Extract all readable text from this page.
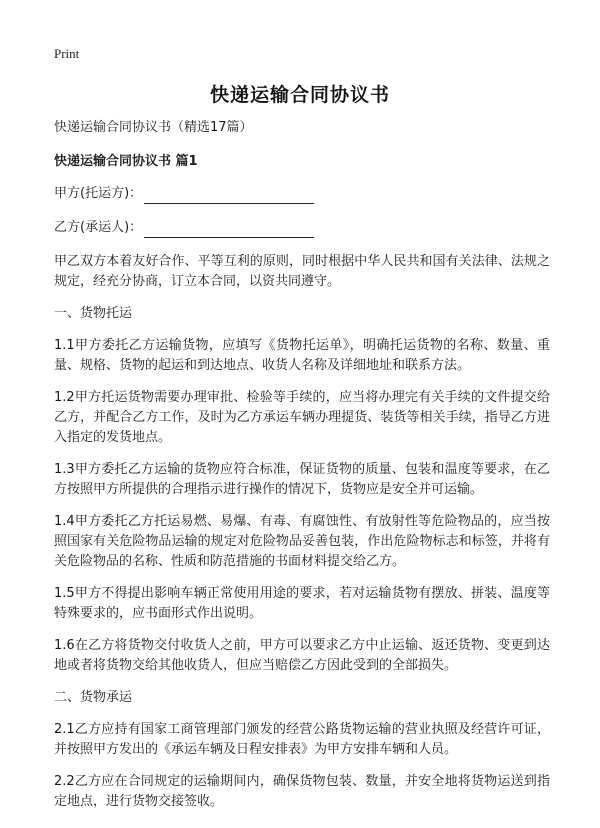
Print
快递运输合同协议书
快递运输合同协议书（精选17篇）
快递运输合同协议书 篇1
甲方(托运方)：
乙方(承运人)：
甲乙双方本着友好合作、平等互利的原则，同时根据中华人民共和国有关法律、法规之规定，经充分协商，订立本合同，以资共同遵守。
一、货物托运
1.1甲方委托乙方运输货物，应填写《货物托运单》，明确托运货物的名称、数量、重量、规格、货物的起运和到达地点、收货人名称及详细地址和联系方法。
1.2甲方托运货物需要办理审批、检验等手续的，应当将办理完有关手续的文件提交给乙方，并配合乙方工作，及时为乙方承运车辆办理提货、装货等相关手续，指导乙方进入指定的发货地点。
1.3甲方委托乙方运输的货物应符合标准，保证货物的质量、包装和温度等要求，在乙方按照甲方所提供的合理指示进行操作的情况下，货物应是安全并可运输。
1.4甲方委托乙方托运易燃、易爆、有毒、有腐蚀性、有放射性等危险物品的，应当按照国家有关危险物品运输的规定对危险物品妥善包装，作出危险物标志和标签，并将有关危险物品的名称、性质和防范措施的书面材料提交给乙方。
1.5甲方不得提出影响车辆正常使用用途的要求，若对运输货物有摆放、拼装、温度等特殊要求的，应书面形式作出说明。
1.6在乙方将货物交付收货人之前，甲方可以要求乙方中止运输、返还货物、变更到达地或者将货物交给其他收货人，但应当赔偿乙方因此受到的全部损失。
二、货物承运
2.1乙方应持有国家工商管理部门颁发的经营公路货物运输的营业执照及经营许可证，并按照甲方发出的《承运车辆及日程安排表》为甲方安排车辆和人员。
2.2乙方应在合同规定的运输期间内，确保货物包装、数量，并安全地将货物运送到指定地点，进行货物交接签收。
